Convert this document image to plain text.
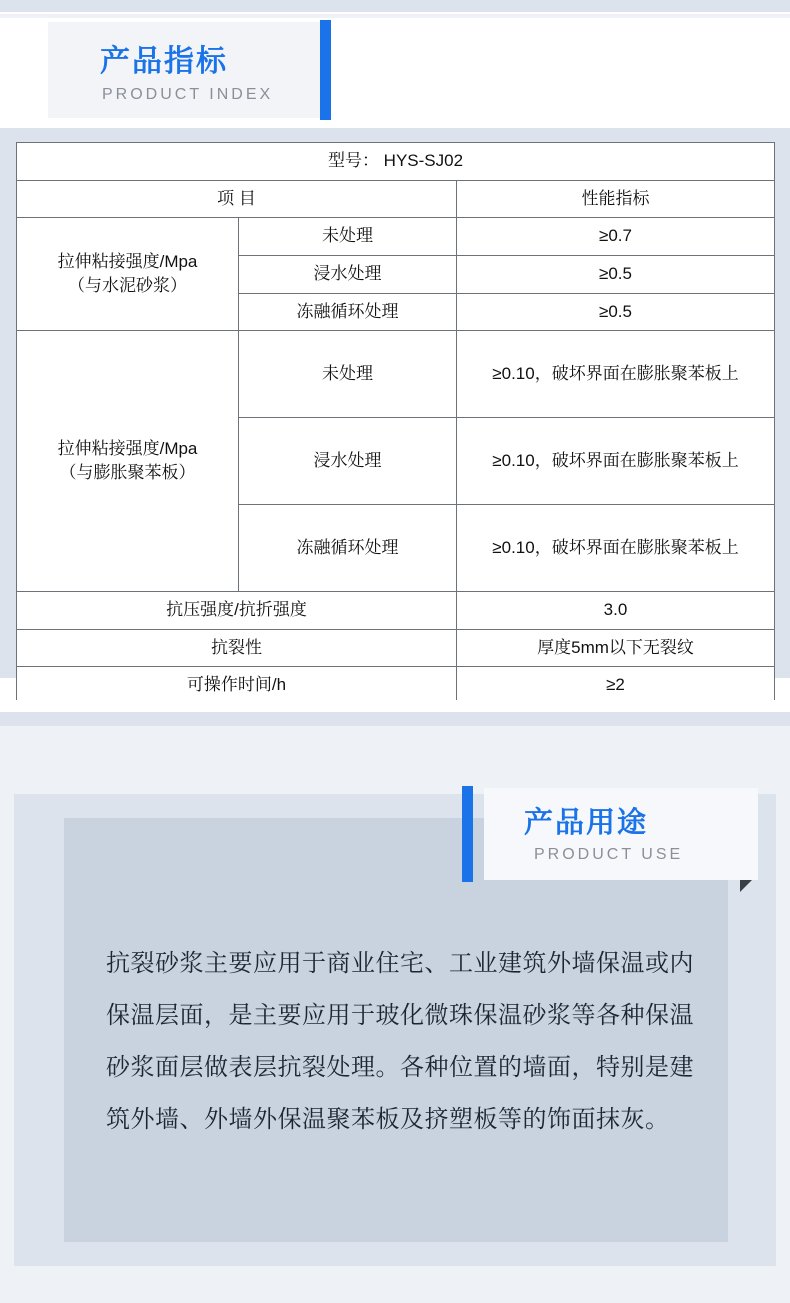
产品指标
PRODUCT INDEX
型号： HYS-SJ02		
项 目		性能指标

拉伸粘接强度/Mpa
（与水泥砂浆）	未处理	≥0.7
	浸水处理	≥0.5
	冻融循环处理	≥0.5

拉伸粘接强度/Mpa
（与膨胀聚苯板）	未处理	≥0.10，破坏界面在膨胀聚苯板上
	浸水处理	≥0.10，破坏界面在膨胀聚苯板上
	冻融循环处理	≥0.10，破坏界面在膨胀聚苯板上
抗压强度/抗折强度		3.0
抗裂性		厚度5mm以下无裂纹
可操作时间/h		≥2
产品用途
PRODUCT USE
抗裂砂浆主要应用于商业住宅、工业建筑外墙保温或内保温层面，是主要应用于玻化微珠保温砂浆等各种保温砂浆面层做表层抗裂处理。各种位置的墙面，特别是建筑外墙、外墙外保温聚苯板及挤塑板等的饰面抹灰。
